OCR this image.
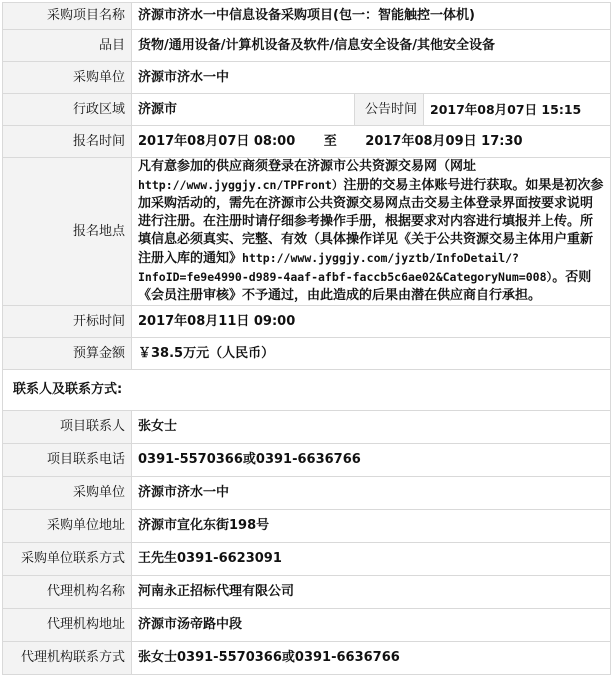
采购项目名称	济源市济水一中信息设备采购项目(包一：智能触控一体机)		
品目	货物/通用设备/计算机设备及软件/信息安全设备/其他安全设备		
采购单位	济源市济水一中		
行政区域	济源市	公告时间	2017年08月07日 15:15
报名时间	2017年08月07日 08:00 至 2017年08月09日 17:30		
报名地点	凡有意参加的供应商须登录在济源市公共资源交易网（网址http://www.jyggjy.cn/TPFront）注册的交易主体账号进行获取。如果是初次参加采购活动的，需先在济源市公共资源交易网点击交易主体登录界面按要求说明进行注册。在注册时请仔细参考操作手册，根据要求对内容进行填报并上传。所填信息必须真实、完整、有效（具体操作详见《关于公共资源交易主体用户重新注册入库的通知》http://www.jyggjy.com/jyztb/InfoDetail/?InfoID=fe9e4990-d989-4aaf-afbf-faccb5c6ae02&CategoryNum=008）。否则《会员注册审核》不予通过，由此造成的后果由潜在供应商自行承担。		
开标时间	2017年08月11日 09:00		
预算金额	￥38.5万元（人民币）		
联系人及联系方式:			
项目联系人	张女士		
项目联系电话	0391-5570366或0391-6636766		
采购单位	济源市济水一中		
采购单位地址	济源市宣化东街198号		
采购单位联系方式	王先生0391-6623091		
代理机构名称	河南永正招标代理有限公司		
代理机构地址	济源市汤帝路中段		
代理机构联系方式	张女士0391-5570366或0391-6636766		
